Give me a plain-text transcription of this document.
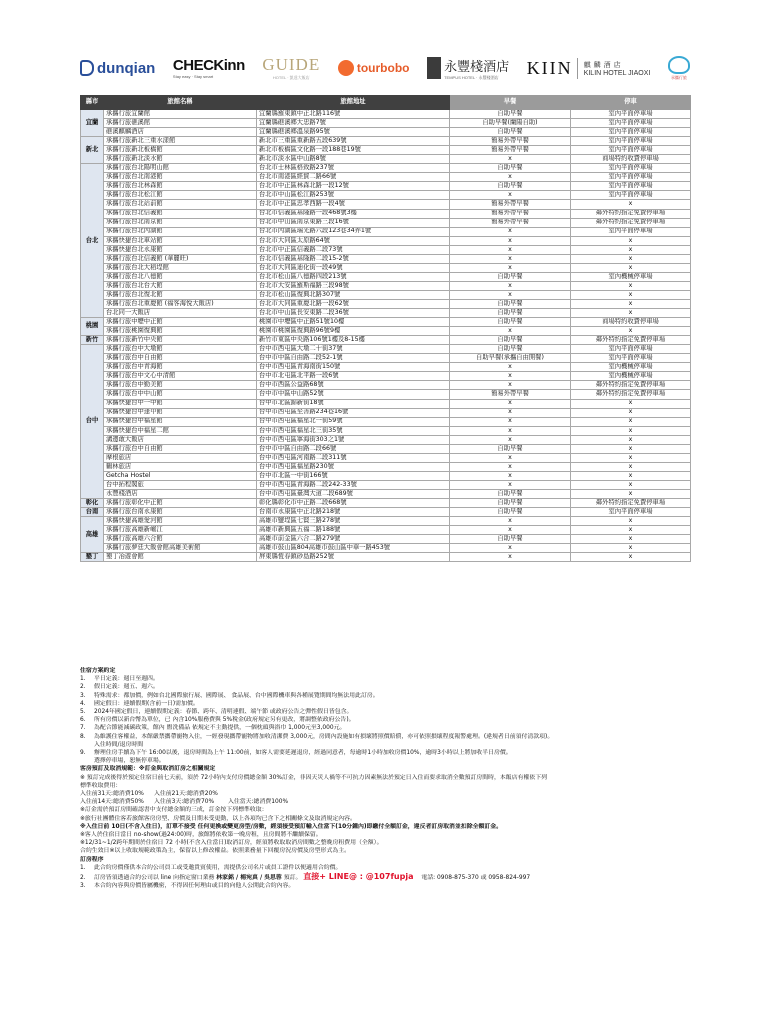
dunqian CHECKinn
Stay easy · Stay smart
GUIDE
HOTEL · 凱達大飯店
tourbobo	永豐棧酒店
TEMPUS HOTEL · 永豐棧酒店	KIIN	麒麟酒店
KILIN HOTEL JIAOXI
承攜行旅
縣市	旅館名稱	旅館地址	早餐	停車
宜蘭	承攜行旅宜蘭館	宜蘭縣羅東鎮中正北路116號	自助早餐	室內平面停車場
	承攜行旅礁溪館	宜蘭縣礁溪鄉大忠路7號	自助早餐(蘭陽自助)	室內平面停車場
	礁溪麒麟酒店	宜蘭縣礁溪鄉溫泉路95號	自助早餐	室內平面停車場
新北	承攜行旅新北三重水漾館	新北市三重區重新路五段639號	簡易外帶早餐	室內平面停車場
	承攜行旅新北板橋館	新北市板橋區文化路一段188巷19號	簡易外帶早餐	室內平面停車場
	承攜行旅新北淡水館	新北市淡水區中山路8號	x	商場特約收費停車場
台北	承攜行旅台北陽明山館	台北市士林區格致路237號	自助早餐	室內平面停車場
	承攜行旅台北南港館	台北市南港區經貿二路66號	x	室內平面停車場
	承攜行旅台北林森館	台北市中正區林森北路一段12號	自助早餐	室內平面停車場
	承攜行旅台北松江館	台北市中山區松江路253號	x	室內平面停車場
	承攜行旅台北站前館	台北市中正區忠孝西路一段4號	簡易外帶早餐	x
	承攜行旅台北信義館	台北市信義區基隆路一段468號3樓	簡易外帶早餐	鄰外特約指定免費停車場
	承攜行旅台北南京館	台北市中山區南京東路三段16號	簡易外帶早餐	鄰外特約指定免費停車場
	承攜行旅台北內湖館	台北市內湖區瑞光路六段123巷34弄1號	x	室內平面停車場
	承攜快捷台北車站館	台北市大同區太原路64號	x	x
	承攜快捷台北永康館	台北市中正區信義路二段73號	x	x
	承攜行旅台北信義館 (華麗旺)	台北市信義區基隆路二段15-2號	x	x
	承攜行旅台北大稻埕館	台北市大同區迪化街一段49號	x	x
	承攜行旅台北八德館	台北市松山區八德路四段213號	自助早餐	室內機械停車場
	承攜行旅台北台大館	台北市大安區羅斯福路三段98號	x	x
	承攜行旅台北復北館	台北市松山區復興北路307號	x	x
	承攜行旅台北重慶館 (福客海悅大飯店)	台北市大同區重慶北路一段62號	自助早餐	x
	台北同一大飯店	台北市中山區長安東路二段36號	自助早餐	x
桃園	承攜行旅中壢中正館	桃園市中壢區中正路51號10樓	自助早餐	商場特約收費停車場
	承攜行旅桃園復興館	桃園市桃園區復興路96號9樓	x	x
新竹	承攜行旅新竹中央館	新竹市東區中央路106號1樓及8-15樓	自助早餐	鄰外特約指定免費停車場
台中	承攜行旅台中大墩館	台中市西屯區大墩二十街37號	自助早餐	室內平面停車場
	承攜行旅台中自由館	台中市中區自由路二段52-1號	自助早餐(承攜自由開餐)	室內平面停車場
	承攜行旅台中青海館	台中市西屯區青海南街150號	x	室內機械停車場
	承攜行旅台中文心中清館	台中市北屯區北平路一段6號	x	室內機械停車場
	承攜行旅台中勤美館	台中市西區公益路68號	x	鄰外特約指定免費停車場
	承攜行旅台中中山館	台中市中區中山路52號	簡易外帶早餐	鄰外特約指定免費停車場
	承攜快捷台中一中館	台中市北區錦新街18號	x	x
	承攜快捷台中逢甲館	台中市西屯區至善路234巷16號	x	x
	承攜快捷台中福星館	台中市西屯區福星北一街59號	x	x
	承攜快捷台中福星二館	台中市西屯區福星北三街35號	x	x
	溝邊敢大飯店	台中市西屯區寧海街303之1號	x	x
	承攜行旅台中自由館	台中市中區自由路二段66號	自助早餐	x
	摩根旅店	台中市西屯區河南路二段311號	x	x
	鶴林旅店	台中市西屯區福星路230號	x	x
	Getcha Hostel	台中市北區一中街166號	x	x
	台中拓程閣旅	台中市西屯區青海路二段242-33號	x	x
	永豐棧酒店	台中市西屯區臺灣大道二段689號	自助早餐	x
彰化	承攜行旅彰化中正館	彰化縣彰化市中正路二段668號	自助早餐	鄰外特約指定免費停車場
台南	承攜行旅台南永康館	台南市永康區中正北路218號	自助早餐	室內平面停車場
高雄	承攜快捷高雄愛河館	高雄市鹽埕區七賢三路278號	x	x
	承攜行旅高雄新崛江	高雄市新興區五福二路188號	x	x
	承攜行旅高雄六合館	高雄市前金區六合二路279號	自助早餐	x
	承攜行旅夢廷大飯會館高雄美術館	高雄市鼓山區804高雄市鼓山區中華一路453號	x	x
墾丁	墾丁冶遊會館	屏東縣恆春鎮砂島路252號	x	x
住宿方案約定
1. 平日定義：週日至週四。
2. 假日定義：週五、週六。
3. 特殊需求：都加價，例如台北國際旅行展、國際展、 食品展、台中國際機車與各種展覽期間均無法用此訂房。
4. 國定假日：連續假期(含前一日)需加價。
5. 2024年國定假日，連續假期定義：春節、跨年、清明連假、端午節 或政府公告之彈性假日皆包含。
6. 所有房價以新台幣為單位，已 內含10%服務費與 5%稅金(政府規定另有更改，將調整依政府公告)。
7. 為配合節能減碳政策，館內 盥洗備品 依規定不主動提供，一個枕頭與浴巾 1,000元至3,000元。
8. 為維護住客權益，本館嚴禁攜帶寵物入住，一經發現攜帶寵物將加收清潔費 3,000元，房間內設施如有損壞將照價賠償，亦可依照損壞程度報警處理。(違規者日前須付清款項)。
入住時間/退房時間
9. 辦理住房手續為下午 16:00以後，退房時間為上午 11:00前，如客人需要延遲退房，經過同意者，每逾時1小時加收房價10%，逾時3小時以上將加收半日房價。
選擇停車場，恕無停車場。
客房預訂及取消規範：※訂金與取消訂房之相關規定
※ 預訂完成後得於預定住宿日前七天前，須於 72小時內支付房價總金額 30%訂金，非因天災人禍等不可抗力因素無法於預定日入住而要求取消全數預訂房間時，本飯店有權依下列
標準收取費用：
入住前31天:總消費10% 入住前21天:總消費20%
入住前14天:總消費50% 入住前3天:總消費70% 入住當天:總消費100%
※訂金需於預訂房間確認書中支付總金額的三成，訂金按下列標準收取：
※旅行社團體住客若旅館客房房型、房價及日期未受更動，以上各項均已含下之相關條文及取消規定內容。
※入住日前 10日(不含入住日)，訂單不接受 任何更換或變更房型/房數，經須接受預訂輸入住當下(10分鐘內)即繳付全額訂金，違反者訂房取消並扣除全額訂金。
※客人於住宿日當日 no-show(過24:00)時，旅館將依收第一晚房租，且房間將不繼續保留。
※12/31~1/2跨年期間於住宿日 72 小時(不含入住當日)取消訂房，經須將收取取消房間數之整晚房租費用（全額）。
合約生效日※以上收取規範政策為主，保留以上修改權益。依照業務量下回覆房況房價及房型形式為主。
訂房程序
1. 此合約房價僅供本合約公司員工或受邀貴賓使用，需提供公司名片或員工證件以便適用合約價。
2. 訂房皆須透過合約公司以 line 向指定窗口業務 林家銘 / 楊宛真 / 吳思蓉 預訂。 直接+ LINE@ : @107fupja 電話: 0908-875-370 或 0958-824-997
3. 本合約內容與房價皆屬機密，不得因任何理由或目的向他人公開此合約內容。
